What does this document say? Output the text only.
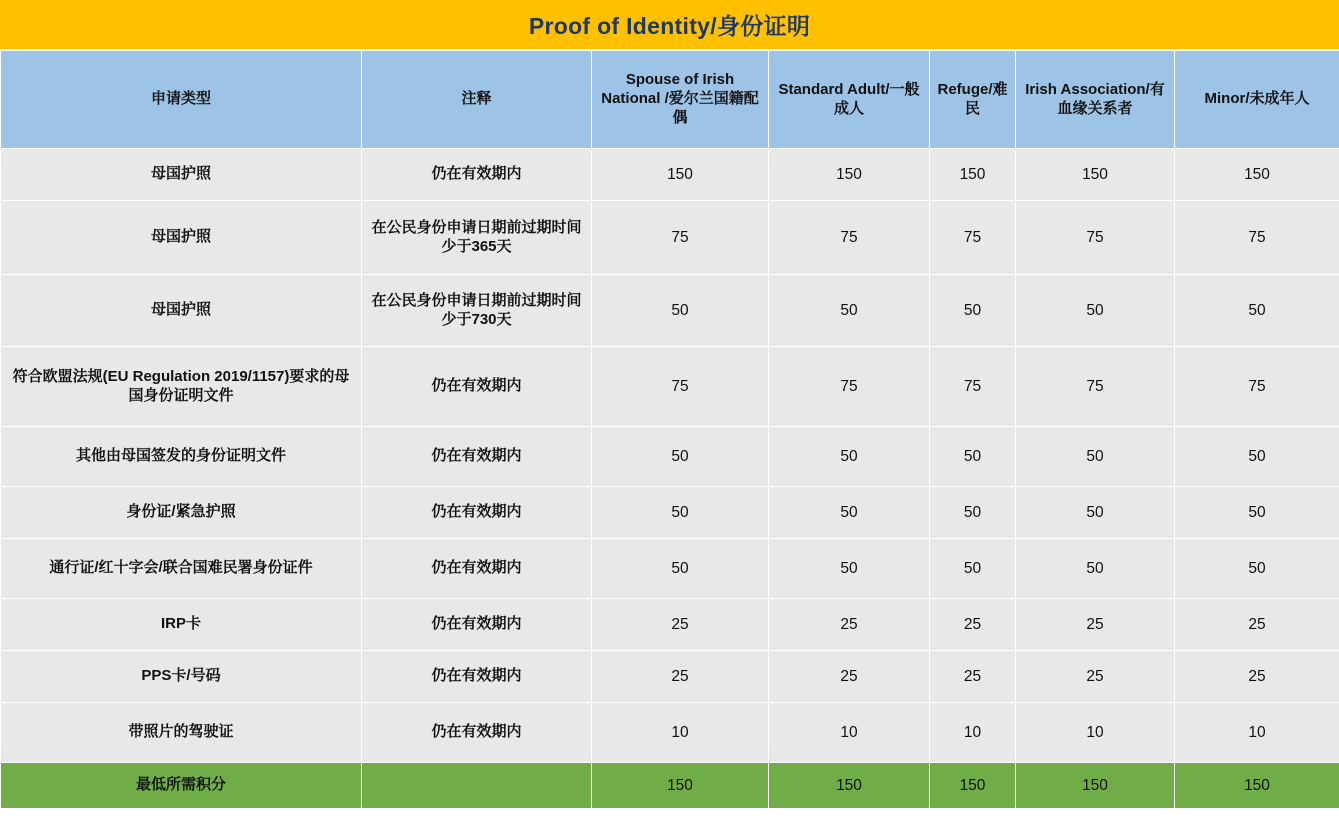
Proof of Identity/身份证明
申请类型	注释	Spouse of Irish National /爱尔兰国籍配偶	Standard Adult/一般成人	Refuge/难民	Irish Association/有血缘关系者	Minor/未成年人
母国护照	仍在有效期内	150	150	150	150	150
母国护照	在公民身份申请日期前过期时间少于365天	75	75	75	75	75
母国护照	在公民身份申请日期前过期时间少于730天	50	50	50	50	50
符合欧盟法规(EU Regulation 2019/1157)要求的母国身份证明文件	仍在有效期内	75	75	75	75	75
其他由母国签发的身份证明文件	仍在有效期内	50	50	50	50	50
身份证/紧急护照	仍在有效期内	50	50	50	50	50
通行证/红十字会/联合国难民署身份证件	仍在有效期内	50	50	50	50	50
IRP卡	仍在有效期内	25	25	25	25	25
PPS卡/号码	仍在有效期内	25	25	25	25	25
带照片的驾驶证	仍在有效期内	10	10	10	10	10
最低所需积分		150	150	150	150	150
